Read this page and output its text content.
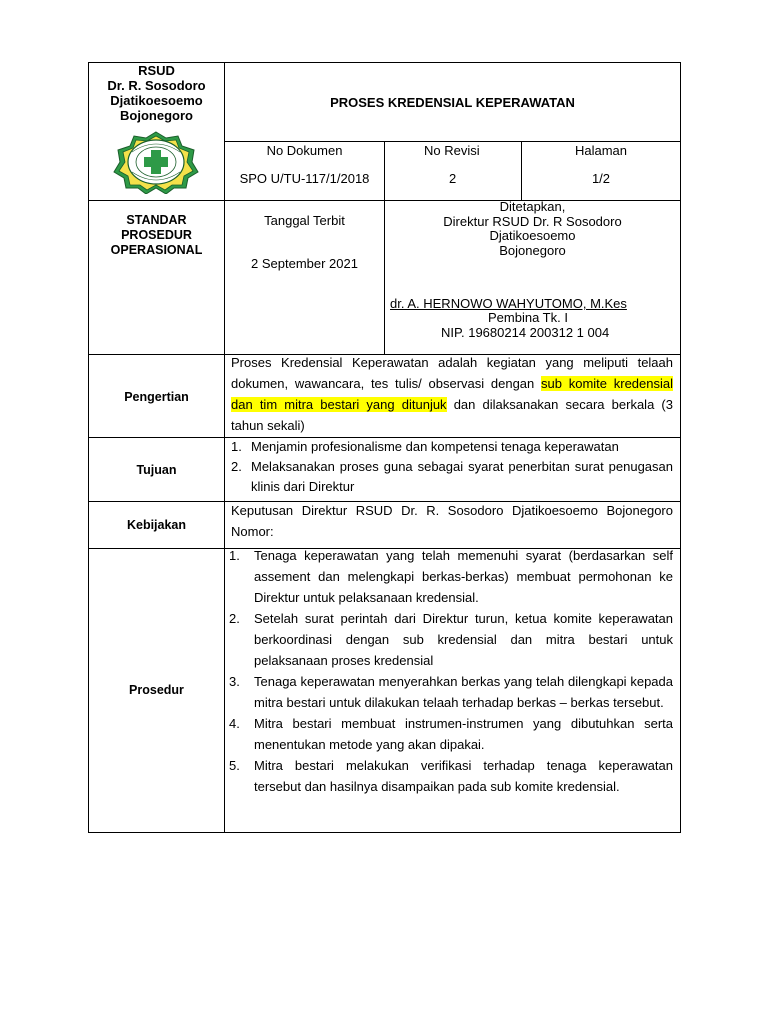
RSUD
Dr. R. Sosodoro
Djatikoesoemo
Bojonegoro
PROSES KREDENSIAL KEPERAWATAN
No Dokumen
SPO U/TU-117/1/2018
No Revisi
2
Halaman
1/2
STANDAR
PROSEDUR
OPERASIONAL
Tanggal Terbit
2 September 2021
Ditetapkan,
Direktur RSUD Dr. R Sosodoro
Djatikoesoemo
Bojonegoro
dr. A. HERNOWO WAHYUTOMO, M.Kes
Pembina Tk. I
NIP. 19680214 200312 1 004
Pengertian
Proses Kredensial Keperawatan adalah kegiatan yang meliputi telaah dokumen, wawancara, tes tulis/ observasi dengan sub komite kredensial dan tim mitra bestari yang ditunjuk dan dilaksanakan secara berkala (3 tahun sekali)
Tujuan
1. Menjamin profesionalisme dan kompetensi tenaga keperawatan
2. Melaksanakan proses guna sebagai syarat penerbitan surat penugasan klinis dari Direktur
Kebijakan
Keputusan Direktur RSUD Dr. R. Sosodoro Djatikoesoemo Bojonegoro Nomor:
Prosedur
1. Tenaga keperawatan yang telah memenuhi syarat (berdasarkan self assement dan melengkapi berkas-berkas) membuat permohonan ke Direktur untuk pelaksanaan kredensial.
2. Setelah surat perintah dari Direktur turun, ketua komite keperawatan berkoordinasi dengan sub kredensial dan mitra bestari untuk pelaksanaan proses kredensial
3. Tenaga keperawatan menyerahkan berkas yang telah dilengkapi kepada mitra bestari untuk dilakukan telaah terhadap berkas – berkas tersebut.
4. Mitra bestari membuat instrumen-instrumen yang dibutuhkan serta menentukan metode yang akan dipakai.
5. Mitra bestari melakukan verifikasi terhadap tenaga keperawatan tersebut dan hasilnya disampaikan pada sub komite kredensial.
